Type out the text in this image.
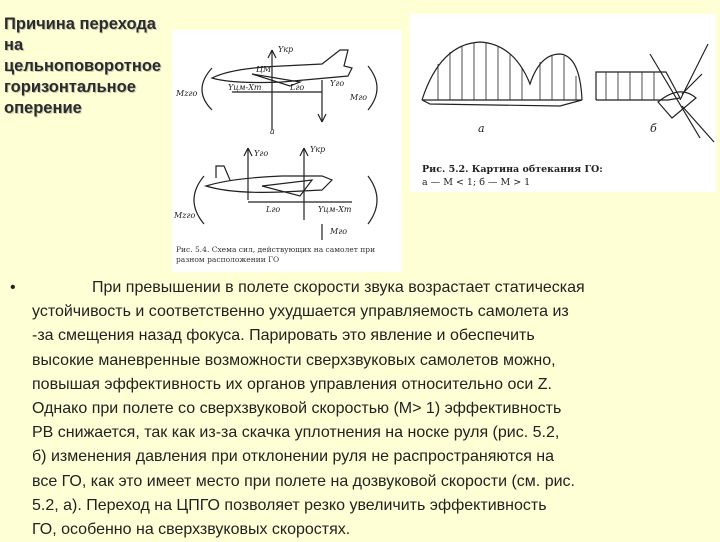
Причина перехода
на
цельноповоротное
горизонтальное
оперение
Yкр
ЦМ
Yцм-Xт	Lго	Yго
Mzго	Mго
а
Yкр
Yго
Lго	Yцм-Xт
Mzго
Mго
Рис. 5.4. Схема сил, действующих на самолет при
разном расположении ГО
а	б
Рис. 5.2. Картина обтекания ГО:
а — M < 1; б — M > 1
•	При превышении в полете скорости звука возрастает статическая
устойчивость и соответственно ухудшается управляемость самолета из
-за смещения назад фокуса. Парировать это явление и обеспечить
высокие маневренные возможности сверхзвуковых самолетов можно,
повышая эффективность их органов управления относительно оси Z.
Однако при полете со сверхзвуковой скоростью (M> 1) эффективность
РВ снижается, так как из-за скачка уплотнения на носке руля (рис. 5.2,
б) изменения давления при отклонении руля не распространяются на
все ГО, как это имеет место при полете на дозвуковой скорости (см. рис.
5.2, а). Переход на ЦПГО позволяет резко увеличить эффективность
ГО, особенно на сверхзвуковых скоростях.
